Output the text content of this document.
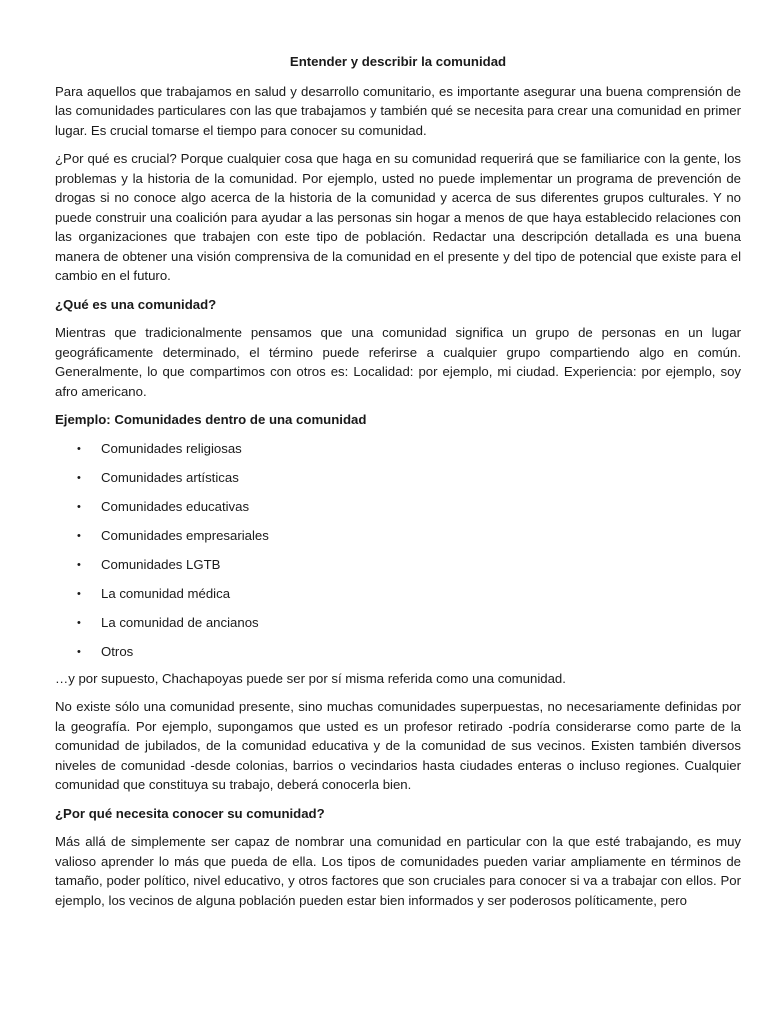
Entender y describir la comunidad

Para aquellos que trabajamos en salud y desarrollo comunitario, es importante asegurar una buena comprensión de las comunidades particulares con las que trabajamos y también qué se necesita para crear una comunidad en primer lugar. Es crucial tomarse el tiempo para conocer su comunidad.

¿Por qué es crucial? Porque cualquier cosa que haga en su comunidad requerirá que se familiarice con la gente, los problemas y la historia de la comunidad. Por ejemplo, usted no puede implementar un programa de prevención de drogas si no conoce algo acerca de la historia de la comunidad y acerca de sus diferentes grupos culturales. Y no puede construir una coalición para ayudar a las personas sin hogar a menos de que haya establecido relaciones con las organizaciones que trabajen con este tipo de población. Redactar una descripción detallada es una buena manera de obtener una visión comprensiva de la comunidad en el presente y del tipo de potencial que existe para el cambio en el futuro.

¿Qué es una comunidad?

Mientras que tradicionalmente pensamos que una comunidad significa un grupo de personas en un lugar geográficamente determinado, el término puede referirse a cualquier grupo compartiendo algo en común. Generalmente, lo que compartimos con otros es: Localidad: por ejemplo, mi ciudad. Experiencia: por ejemplo, soy afro americano.

Ejemplo: Comunidades dentro de una comunidad
• Comunidades religiosas
• Comunidades artísticas
• Comunidades educativas
• Comunidades empresariales
• Comunidades LGTB
• La comunidad médica
• La comunidad de ancianos
• Otros

…y por supuesto, Chachapoyas puede ser por sí misma referida como una comunidad.

No existe sólo una comunidad presente, sino muchas comunidades superpuestas, no necesariamente definidas por la geografía. Por ejemplo, supongamos que usted es un profesor retirado -podría considerarse como parte de la comunidad de jubilados, de la comunidad educativa y de la comunidad de sus vecinos. Existen también diversos niveles de comunidad -desde colonias, barrios o vecindarios hasta ciudades enteras o incluso regiones. Cualquier comunidad que constituya su trabajo, deberá conocerla bien.

¿Por qué necesita conocer su comunidad?

Más allá de simplemente ser capaz de nombrar una comunidad en particular con la que esté trabajando, es muy valioso aprender lo más que pueda de ella. Los tipos de comunidades pueden variar ampliamente en términos de tamaño, poder político, nivel educativo, y otros factores que son cruciales para conocer si va a trabajar con ellos. Por ejemplo, los vecinos de alguna población pueden estar bien informados y ser poderosos políticamente, pero
